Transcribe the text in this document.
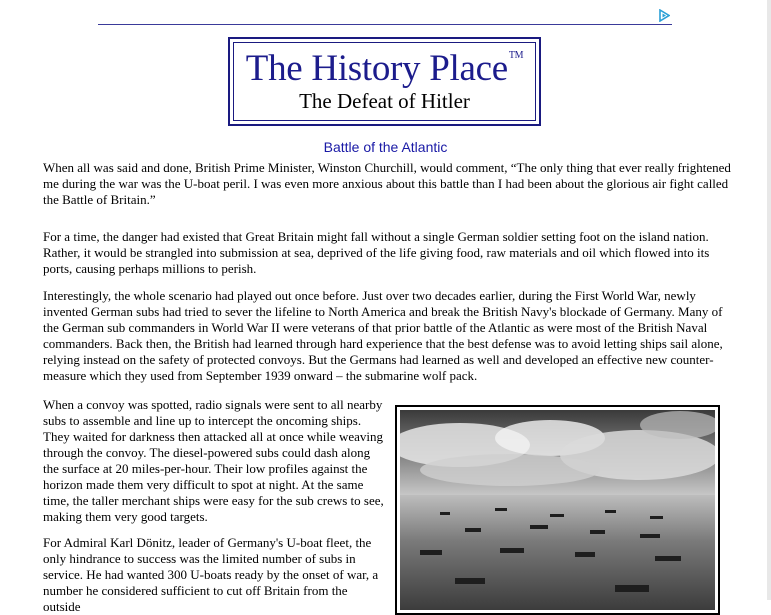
The History Place™
The Defeat of Hitler
Battle of the Atlantic

When all was said and done, British Prime Minister, Winston Churchill, would comment, “The only thing that ever really frightened me during the war was the U-boat peril. I was even more anxious about this battle than I had been about the glorious air fight called the Battle of Britain.”

For a time, the danger had existed that Great Britain might fall without a single German soldier setting foot on the island nation. Rather, it would be strangled into submission at sea, deprived of the life giving food, raw materials and oil which flowed into its ports, causing perhaps millions to perish.

Interestingly, the whole scenario had played out once before. Just over two decades earlier, during the First World War, newly invented German subs had tried to sever the lifeline to North America and break the British Navy's blockade of Germany. Many of the German sub commanders in World War II were veterans of that prior battle of the Atlantic as were most of the British Naval commanders. Back then, the British had learned through hard experience that the best defense was to avoid letting ships sail alone, relying instead on the safety of protected convoys. But the Germans had learned as well and developed an effective new counter-measure which they used from September 1939 onward – the submarine wolf pack.

When a convoy was spotted, radio signals were sent to all nearby subs to assemble and line up to intercept the oncoming ships. They waited for darkness then attacked all at once while weaving through the convoy. The diesel-powered subs could dash along the surface at 20 miles-per-hour. Their low profiles against the horizon made them very difficult to spot at night. At the same time, the taller merchant ships were easy for the sub crews to see, making them very good targets.

For Admiral Karl Dönitz, leader of Germany's U-boat fleet, the only hindrance to success was the limited number of subs in service. He had wanted 300 U-boats ready by the onset of war, a number he considered sufficient to cut off Britain from the outside
